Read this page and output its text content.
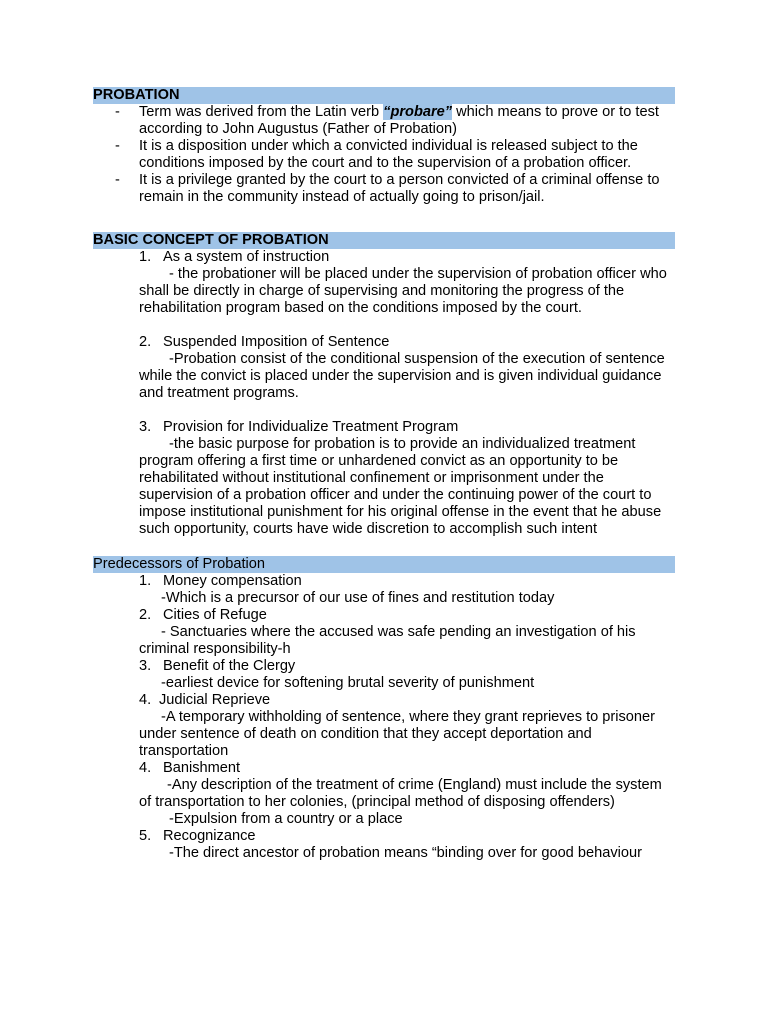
PROBATION
- Term was derived from the Latin verb “probare” which means to prove or to test according to John Augustus (Father of Probation)
- It is a disposition under which a convicted individual is released subject to the conditions imposed by the court and to the supervision of a probation officer.
- It is a privilege granted by the court to a person convicted of a criminal offense to remain in the community instead of actually going to prison/jail.
BASIC CONCEPT OF PROBATION
1. As a system of instruction
- the probationer will be placed under the supervision of probation officer who shall be directly in charge of supervising and monitoring the progress of the rehabilitation program based on the conditions imposed by the court.
2. Suspended Imposition of Sentence
-Probation consist of the conditional suspension of the execution of sentence while the convict is placed under the supervision and is given individual guidance and treatment programs.
3. Provision for Individualize Treatment Program
-the basic purpose for probation is to provide an individualized treatment program offering a first time or unhardened convict as an opportunity to be rehabilitated without institutional confinement or imprisonment under the supervision of a probation officer and under the continuing power of the court to impose institutional punishment for his original offense in the event that he abuse such opportunity, courts have wide discretion to accomplish such intent
Predecessors of Probation
1. Money compensation
-Which is a precursor of our use of fines and restitution today
2. Cities of Refuge
- Sanctuaries where the accused was safe pending an investigation of his criminal responsibility-h
3. Benefit of the Clergy
-earliest device for softening brutal severity of punishment
4. Judicial Reprieve
-A temporary withholding of sentence, where they grant reprieves to prisoner under sentence of death on condition that they accept deportation and transportation
4. Banishment
-Any description of the treatment of crime (England) must include the system of transportation to her colonies, (principal method of disposing offenders)
-Expulsion from a country or a place
5. Recognizance
-The direct ancestor of probation means “binding over for good behaviour
